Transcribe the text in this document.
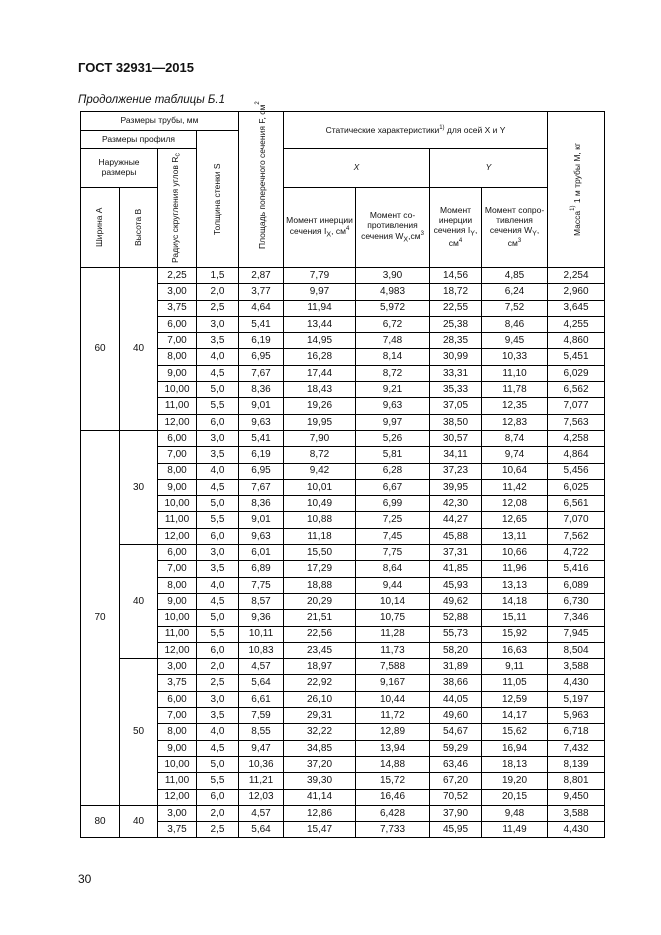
ГОСТ 32931—2015
Продолжение таблицы Б.1
Размеры трубы, мм				Площадь поперечного сечения F, $см^2$	Статические характеристики$^{1)}$ для осей X и Y				Масса$^{1)}$ 1 м трубы M, кг

Размеры профиля			Толщина стенки S						

Наружные размеры		Радиус скругления углов $R_c$			X		Y		

Ширина A	Высота B				Момент инерции сечения $I_X$, $см^4$	Момент со-противления сечения $W_X,см^3$	Момент инерции сечения $I_Y$, $см^4$	Момент сопро-тивления сечения $W_Y$, $см^3$
60	40	2,25	1,5	2,87	7,79	3,90	14,56	4,85	2,254
		3,00	2,0	3,77	9,97	4,983	18,72	6,24	2,960
		3,75	2,5	4,64	11,94	5,972	22,55	7,52	3,645
		6,00	3,0	5,41	13,44	6,72	25,38	8,46	4,255
		7,00	3,5	6,19	14,95	7,48	28,35	9,45	4,860
		8,00	4,0	6,95	16,28	8,14	30,99	10,33	5,451
		9,00	4,5	7,67	17,44	8,72	33,31	11,10	6,029
		10,00	5,0	8,36	18,43	9,21	35,33	11,78	6,562
		11,00	5,5	9,01	19,26	9,63	37,05	12,35	7,077
		12,00	6,0	9,63	19,95	9,97	38,50	12,83	7,563
70	30	6,00	3,0	5,41	7,90	5,26	30,57	8,74	4,258
		7,00	3,5	6,19	8,72	5,81	34,11	9,74	4,864
		8,00	4,0	6,95	9,42	6,28	37,23	10,64	5,456
		9,00	4,5	7,67	10,01	6,67	39,95	11,42	6,025
		10,00	5,0	8,36	10,49	6,99	42,30	12,08	6,561
		11,00	5,5	9,01	10,88	7,25	44,27	12,65	7,070
		12,00	6,0	9,63	11,18	7,45	45,88	13,11	7,562
	40	6,00	3,0	6,01	15,50	7,75	37,31	10,66	4,722
		7,00	3,5	6,89	17,29	8,64	41,85	11,96	5,416
		8,00	4,0	7,75	18,88	9,44	45,93	13,13	6,089
		9,00	4,5	8,57	20,29	10,14	49,62	14,18	6,730
		10,00	5,0	9,36	21,51	10,75	52,88	15,11	7,346
		11,00	5,5	10,11	22,56	11,28	55,73	15,92	7,945
		12,00	6,0	10,83	23,45	11,73	58,20	16,63	8,504
	50	3,00	2,0	4,57	18,97	7,588	31,89	9,11	3,588
		3,75	2,5	5,64	22,92	9,167	38,66	11,05	4,430
		6,00	3,0	6,61	26,10	10,44	44,05	12,59	5,197
		7,00	3,5	7,59	29,31	11,72	49,60	14,17	5,963
		8,00	4,0	8,55	32,22	12,89	54,67	15,62	6,718
		9,00	4,5	9,47	34,85	13,94	59,29	16,94	7,432
		10,00	5,0	10,36	37,20	14,88	63,46	18,13	8,139
		11,00	5,5	11,21	39,30	15,72	67,20	19,20	8,801
		12,00	6,0	12,03	41,14	16,46	70,52	20,15	9,450
80	40	3,00	2,0	4,57	12,86	6,428	37,90	9,48	3,588
		3,75	2,5	5,64	15,47	7,733	45,95	11,49	4,430
30
